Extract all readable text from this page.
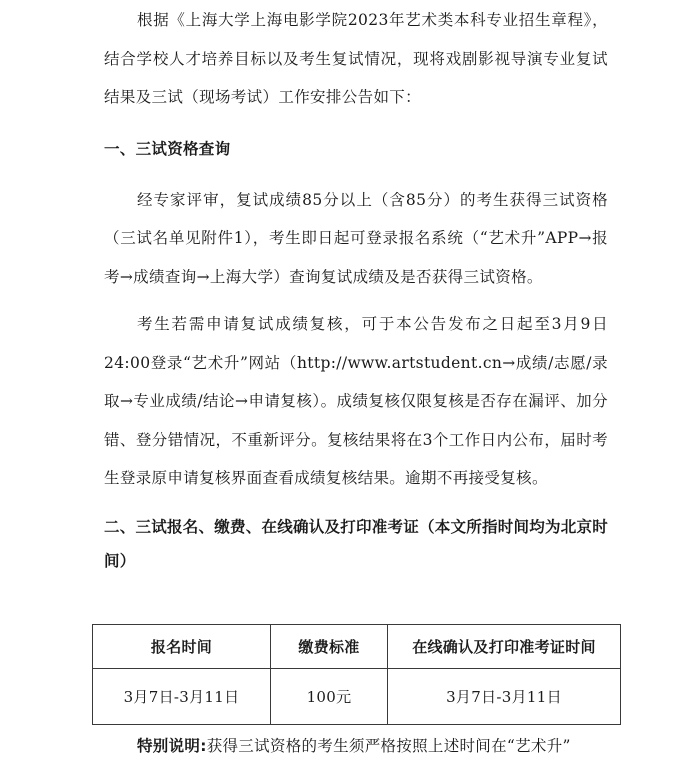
根据《上海大学上海电影学院2023年艺术类本科专业招生章程》，结合学校人才培养目标以及考生复试情况，现将戏剧影视导演专业复试结果及三试（现场考试）工作安排公告如下：

一、三试资格查询

经专家评审，复试成绩85分以上（含85分）的考生获得三试资格（三试名单见附件1），考生即日起可登录报名系统（“艺术升”APP→报考→成绩查询→上海大学）查询复试成绩及是否获得三试资格。

考生若需申请复试成绩复核，可于本公告发布之日起至3月9日24:00登录“艺术升”网站（http://www.artstudent.cn→成绩/志愿/录取→专业成绩/结论→申请复核）。成绩复核仅限复核是否存在漏评、加分错、登分错情况，不重新评分。复核结果将在3个工作日内公布，届时考生登录原申请复核界面查看成绩复核结果。逾期不再接受复核。

二、三试报名、缴费、在线确认及打印准考证（本文所指时间均为北京时间）

报名时间	缴费标准	在线确认及打印准考证时间
3月7日-3月11日	100元	3月7日-3月11日
特别说明:获得三试资格的考生须严格按照上述时间在“艺术升”
